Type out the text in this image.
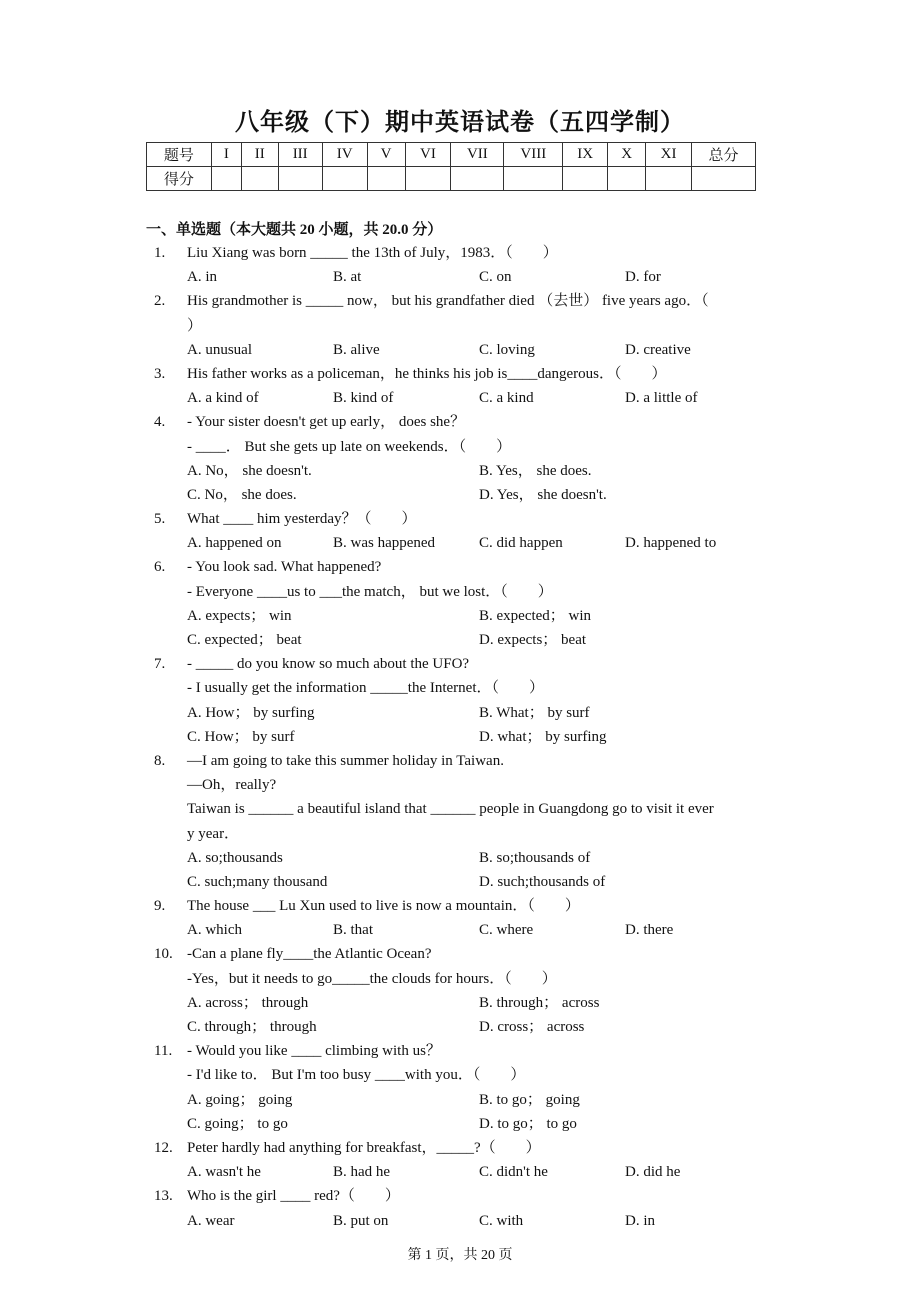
八年级（下）期中英语试卷（五四学制）
题号	I	II	III	IV	V	VI	VII	VIII	IX	X	XI	总分
得分												
一、单选题（本大题共 20 小题，共 20.0 分）
1. Liu Xiang was born _____ the 13th of July，1983．（　　）
A. in	B. at	C. on	D. for
2. His grandmother is _____ now， but his grandfather died （去世） five years ago．（
）
A. unusual	B. alive	C. loving	D. creative
3. His father works as a policeman，he thinks his job is____dangerous．（　　）
A. a kind of	B. kind of	C. a kind	D. a little of
4. - Your sister doesn't get up early， does she？
- ____． But she gets up late on weekends．（　　）
A. No， she doesn't.	B. Yes， she does.
C. No， she does.	D. Yes， she doesn't.
5. What ____ him yesterday？（　　）
A. happened on	B. was happened	C. did happen	D. happened to
6. - You look sad. What happened?
- Everyone ____us to ___the match， but we lost．（　　）
A. expects； win	B. expected； win
C. expected； beat	D. expects； beat
7. - _____ do you know so much about the UFO?
- I usually get the information _____the Internet．（　　）
A. How； by surfing	B. What； by surf
C. How； by surf	D. what； by surfing
8. —I am going to take this summer holiday in Taiwan.
—Oh，really?
Taiwan is ______ a beautiful island that ______ people in Guangdong go to visit it ever
y year．
A. so;thousands	B. so;thousands of
C. such;many thousand	D. such;thousands of
9. The house ___ Lu Xun used to live is now a mountain．（　　）
A. which	B. that	C. where	D. there
10. -Can a plane fly____the Atlantic Ocean?
-Yes，but it needs to go_____the clouds for hours．（　　）
A. across； through	B. through； across
C. through； through	D. cross； across
11. - Would you like ____ climbing with us？
- I'd like to． But I'm too busy ____with you．（　　）
A. going； going	B. to go； going
C. going； to go	D. to go； to go
12. Peter hardly had anything for breakfast，_____?（　　）
A. wasn't he	B. had he	C. didn't he	D. did he
13. Who is the girl ____ red?（　　）
A. wear	B. put on	C. with	D. in
第 1 页，共 20 页
